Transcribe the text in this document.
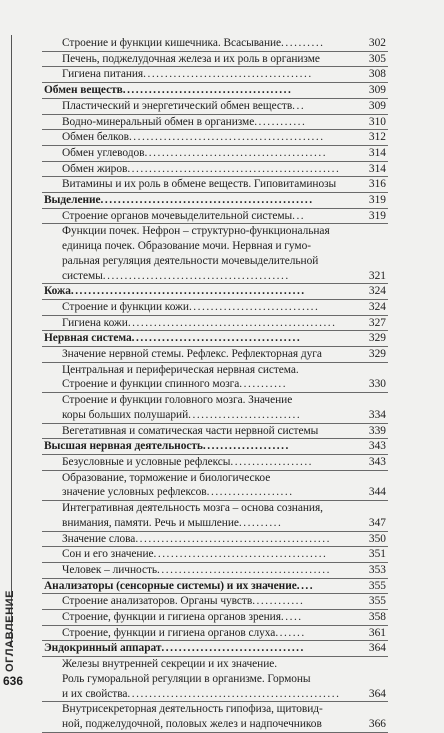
ОГЛАВЛЕНИЕ
636
Строение и функции кишечника. Всасывание..........	302
Печень, поджелудочная железа и их роль в организме	305
Гигиена питания.......................................	308
Обмен веществ.......................................	309
Пластический и энергетический обмен веществ...	309
Водно-минеральный обмен в организме............	310
Обмен белков.............................................	312
Обмен углеводов..........................................	314
Обмен жиров.................................................	314
Витамины и их роль в обмене веществ. Гиповитаминозы	316
Выделение.................................................	319
Строение органов мочевыделительной системы...	319
Функции почек. Нефрон – структурно-функциональная
единица почек. Образование мочи. Нервная и гумо-
ральная регуляция деятельности мочевыделительной
системы...........................................	321
Кожа......................................................	324
Строение и функции кожи..............................	324
Гигиена кожи................................................	327
Нервная система.......................................	329
Значение нервной стемы. Рефлекс. Рефлекторная дуга	329
Центральная и периферическая нервная система.
Строение и функции спинного мозга...........	330
Строение и функции головного мозга. Значение
коры больших полушарий..........................	334
Вегетативная и соматическая части нервной системы	339
Высшая нервная деятельность....................	343
Безусловные и условные рефлексы...................	343
Образование, торможение и биологическое
значение условных рефлексов....................	344
Интегративная деятельность мозга – основа сознания,
внимания, памяти. Речь и мышление..........	347
Значение слова.............................................	350
Сон и его значение........................................	351
Человек – личность........................................	353
Анализаторы (сенсорные системы) и их значение....	355
Строение анализаторов. Органы чувств............	355
Строение, функции и гигиена органов зрения.....	358
Строение, функции и гигиена органов слуха.......	361
Эндокринный аппарат.................................	364
Железы внутренней секреции и их значение.
Роль гуморальной регуляции в организме. Гормоны
и их свойства.................................................	364
Внутрисекреторная деятельность гипофиза, щитовид-
ной, поджелудочной, половых желез и надпочечников	366
